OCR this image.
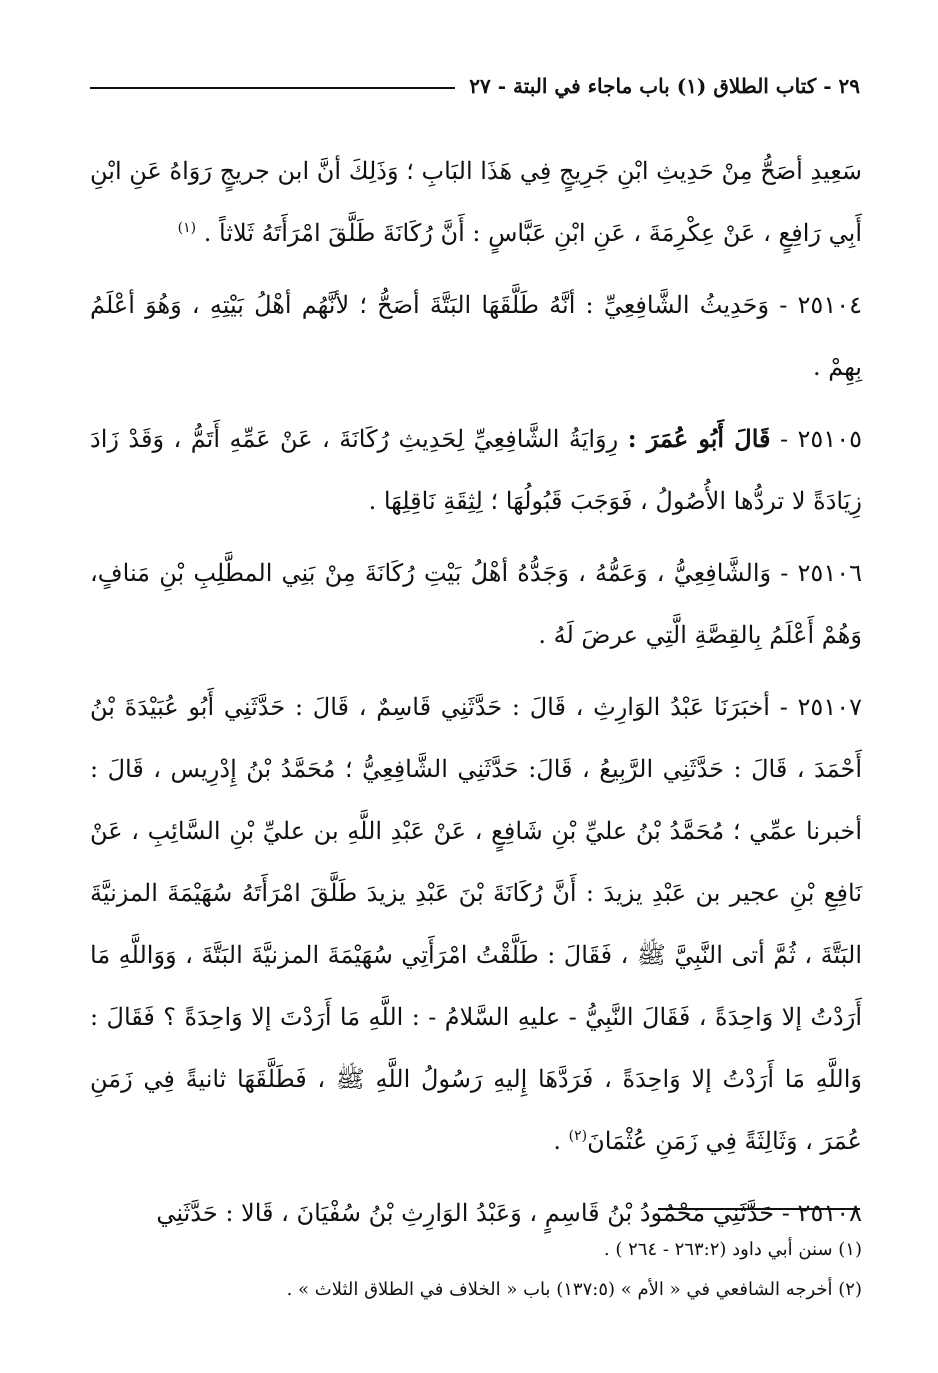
٢٩ - كتاب الطلاق (١) باب ماجاء في البتة - ٢٧

سَعِيدِ أصَحُّ مِنْ حَدِيثِ ابْنِ جَرِيجٍ فِي هَذَا البَابِ ؛ وَذَلِكَ أنَّ ابن جريجٍ رَوَاهُ عَنِ ابْنِ أَبِي رَافِعٍ ، عَنْ عِكْرِمَةَ ، عَنِ ابْنِ عَبَّاسٍ : أَنَّ رُكَانَةَ طَلَّقَ امْرَأَتَهُ ثَلاثاً . $^{(١)}$

٢٥١٠٤ - وَحَدِيثُ الشَّافِعِيِّ : أنَّهُ طَلَّقَهَا البَتَّةَ أصَحُّ ؛ لأنَّهُم أهْلُ بَيْتِهِ ، وَهُوَ أعْلَمُ بِهِمْ .

٢٥١٠٥ - قَالَ أَبُو عُمَرَ : رِوَايَةُ الشَّافِعِيِّ لِحَدِيثِ رُكَانَةَ ، عَنْ عَمِّهِ أَتَمُّ ، وَقَدْ زَادَ زِيَادَةً لا تردُّها الأُصُولُ ، فَوَجَبَ قَبُولُهَا ؛ لِثِقَةِ نَاقِلِهَا .

٢٥١٠٦ - وَالشَّافِعِيُّ ، وَعَمُّهُ ، وَجَدُّهُ أهْلُ بَيْتِ رُكَانَةَ مِنْ بَنِي المطَّلِبِ بْنِ مَنافٍ، وَهُمْ أَعْلَمُ بِالقِصَّةِ الَّتِي عرضَ لَهُ .

٢٥١٠٧ - أخبَرَنَا عَبْدُ الوَارِثِ ، قَالَ : حَدَّثَنِي قَاسِمٌ ، قَالَ : حَدَّثَنِي أَبُو عُبَيْدَةَ بْنُ أَحْمَدَ ، قَالَ : حَدَّثَنِي الرَّبِيعُ ، قَالَ: حَدَّثَنِي الشَّافِعِيُّ ؛ مُحَمَّدُ بْنُ إِدْرِيس ، قَالَ : أخبرنا عمِّي ؛ مُحَمَّدُ بْنُ عليِّ بْنِ شَافِعٍ ، عَنْ عَبْدِ اللَّهِ بن عليِّ بْنِ السَّائِبِ ، عَنْ نَافِعِ بْنِ عجير بن عَبْدِ يزيدَ : أَنَّ رُكَانَةَ بْنَ عَبْدِ يزيدَ طَلَّقَ امْرَأَتَهُ سُهَيْمَةَ المزنيَّةَ البَتَّةَ ، ثُمَّ أتى النَّبِيَّ ﷺ ، فَقَالَ : طَلَّقْتُ امْرَأَتِي سُهَيْمَةَ المزنيَّةَ البَتَّةَ ، وَوَاللَّهِ مَا أَرَدْتُ إلا وَاحِدَةً ، فَقَالَ النَّبِيُّ - عليهِ السَّلامُ - : اللَّهِ مَا أَرَدْتَ إلا وَاحِدَةً ؟ فَقَالَ : وَاللَّهِ مَا أَرَدْتُ إلا وَاحِدَةً ، فَرَدَّهَا إِليهِ رَسُولُ اللَّهِ ﷺ ، فَطَلَّقَهَا ثانيةً فِي زَمَنِ عُمَرَ ، وَثَالِثَةً فِي زَمَنِ عُثْمَانَ$^{(٢)}$ .

٢٥١٠٨ - حَدَّثَنِي مَحْمُودُ بْنُ قَاسِمٍ ، وَعَبْدُ الوَارِثِ بْنُ سُفْيَانَ ، قَالا : حَدَّثَنِي

(١) سنن أبي داود (٢٦٣:٢ - ٢٦٤ ) .

(٢) أخرجه الشافعي في « الأم » (١٣٧:٥) باب « الخلاف في الطلاق الثلاث » .
